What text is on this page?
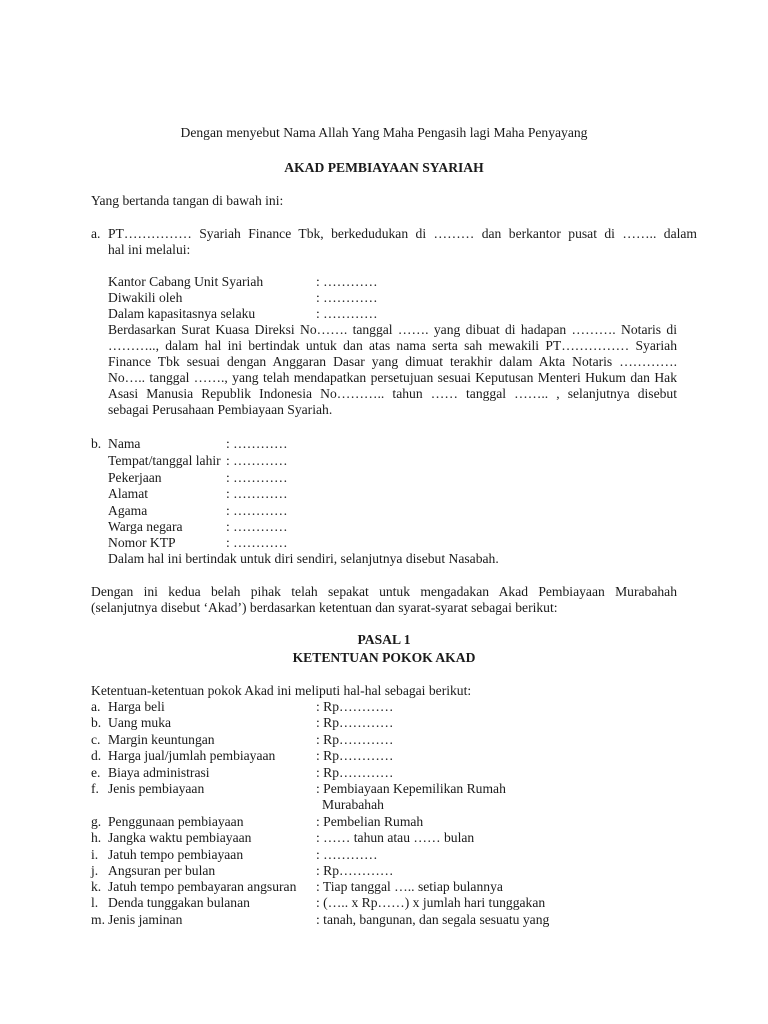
Dengan menyebut Nama Allah Yang Maha Pengasih lagi Maha Penyayang
AKAD PEMBIAYAAN SYARIAH
Yang bertanda tangan di bawah ini:
a. PT…………… Syariah Finance Tbk, berkedudukan di ……… dan berkantor pusat di …….. dalam
hal ini melalui:
Kantor Cabang Unit Syariah	: …………
Diwakili oleh	: …………
Dalam kapasitasnya selaku	: …………
Berdasarkan Surat Kuasa Direksi No……. tanggal ……. yang dibuat di hadapan ………. Notaris di
……….., dalam hal ini bertindak untuk dan atas nama serta sah mewakili PT…………… Syariah
Finance Tbk sesuai dengan Anggaran Dasar yang dimuat terakhir dalam Akta Notaris ………….
No….. tanggal ……., yang telah mendapatkan persetujuan sesuai Keputusan Menteri Hukum dan Hak
Asasi Manusia Republik Indonesia No……….. tahun …… tanggal …….. , selanjutnya disebut
sebagai Perusahaan Pembiayaan Syariah.
b. Nama	: …………
Tempat/tanggal lahir : …………
Pekerjaan	: …………
Alamat	: …………
Agama	: …………
Warga negara	: …………
Nomor KTP	: …………
Dalam hal ini bertindak untuk diri sendiri, selanjutnya disebut Nasabah.
Dengan ini kedua belah pihak telah sepakat untuk mengadakan Akad Pembiayaan Murabahah
(selanjutnya disebut ‘Akad’) berdasarkan ketentuan dan syarat-syarat sebagai berikut:
PASAL 1
KETENTUAN POKOK AKAD
Ketentuan-ketentuan pokok Akad ini meliputi hal-hal sebagai berikut:
a. Harga beli	: Rp…………
b. Uang muka	: Rp…………
c. Margin keuntungan	: Rp…………
d. Harga jual/jumlah pembiayaan	: Rp…………
e. Biaya administrasi	: Rp…………
f. Jenis pembiayaan	: Pembiayaan Kepemilikan Rumah
Murabahah
g. Penggunaan pembiayaan	: Pembelian Rumah
h. Jangka waktu pembiayaan	: …… tahun atau …… bulan
i. Jatuh tempo pembiayaan	: …………
j. Angsuran per bulan	: Rp…………
k. Jatuh tempo pembayaran angsuran : Tiap tanggal ….. setiap bulannya
l. Denda tunggakan bulanan	: (….. x Rp……) x jumlah hari tunggakan
m. Jenis jaminan	: tanah, bangunan, dan segala sesuatu yang
